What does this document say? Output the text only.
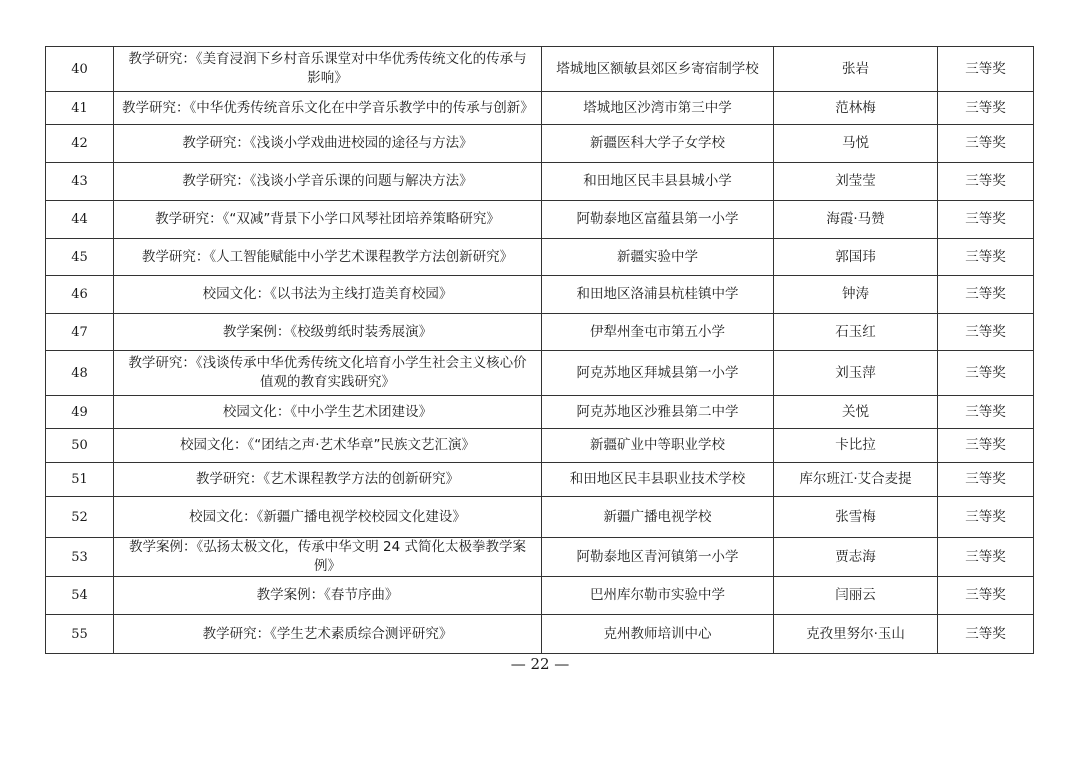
40	教学研究：《美育浸润下乡村音乐课堂对中华优秀传统文化的传承与影响》	塔城地区额敏县郊区乡寄宿制学校	张岩	三等奖
41	教学研究：《中华优秀传统音乐文化在中学音乐教学中的传承与创新》	塔城地区沙湾市第三中学	范林梅	三等奖
42	教学研究：《浅谈小学戏曲进校园的途径与方法》	新疆医科大学子女学校	马悦	三等奖
43	教学研究：《浅谈小学音乐课的问题与解决方法》	和田地区民丰县县城小学	刘莹莹	三等奖
44	教学研究：《“双减”背景下小学口风琴社团培养策略研究》	阿勒泰地区富蕴县第一小学	海霞·马赞	三等奖
45	教学研究：《人工智能赋能中小学艺术课程教学方法创新研究》	新疆实验中学	郭国玮	三等奖
46	校园文化：《以书法为主线打造美育校园》	和田地区洛浦县杭桂镇中学	钟涛	三等奖
47	教学案例：《校级剪纸时装秀展演》	伊犁州奎屯市第五小学	石玉红	三等奖
48	教学研究：《浅谈传承中华优秀传统文化培育小学生社会主义核心价值观的教育实践研究》	阿克苏地区拜城县第一小学	刘玉萍	三等奖
49	校园文化：《中小学生艺术团建设》	阿克苏地区沙雅县第二中学	关悦	三等奖
50	校园文化：《“团结之声·艺术华章”民族文艺汇演》	新疆矿业中等职业学校	卡比拉	三等奖
51	教学研究：《艺术课程教学方法的创新研究》	和田地区民丰县职业技术学校	库尔班江·艾合麦提	三等奖
52	校园文化：《新疆广播电视学校校园文化建设》	新疆广播电视学校	张雪梅	三等奖
53	教学案例：《弘扬太极文化，传承中华文明 24 式简化太极拳教学案例》	阿勒泰地区青河镇第一小学	贾志海	三等奖
54	教学案例：《春节序曲》	巴州库尔勒市实验中学	闫丽云	三等奖
55	教学研究：《学生艺术素质综合测评研究》	克州教师培训中心	克孜里努尔·玉山	三等奖
— 22 —
